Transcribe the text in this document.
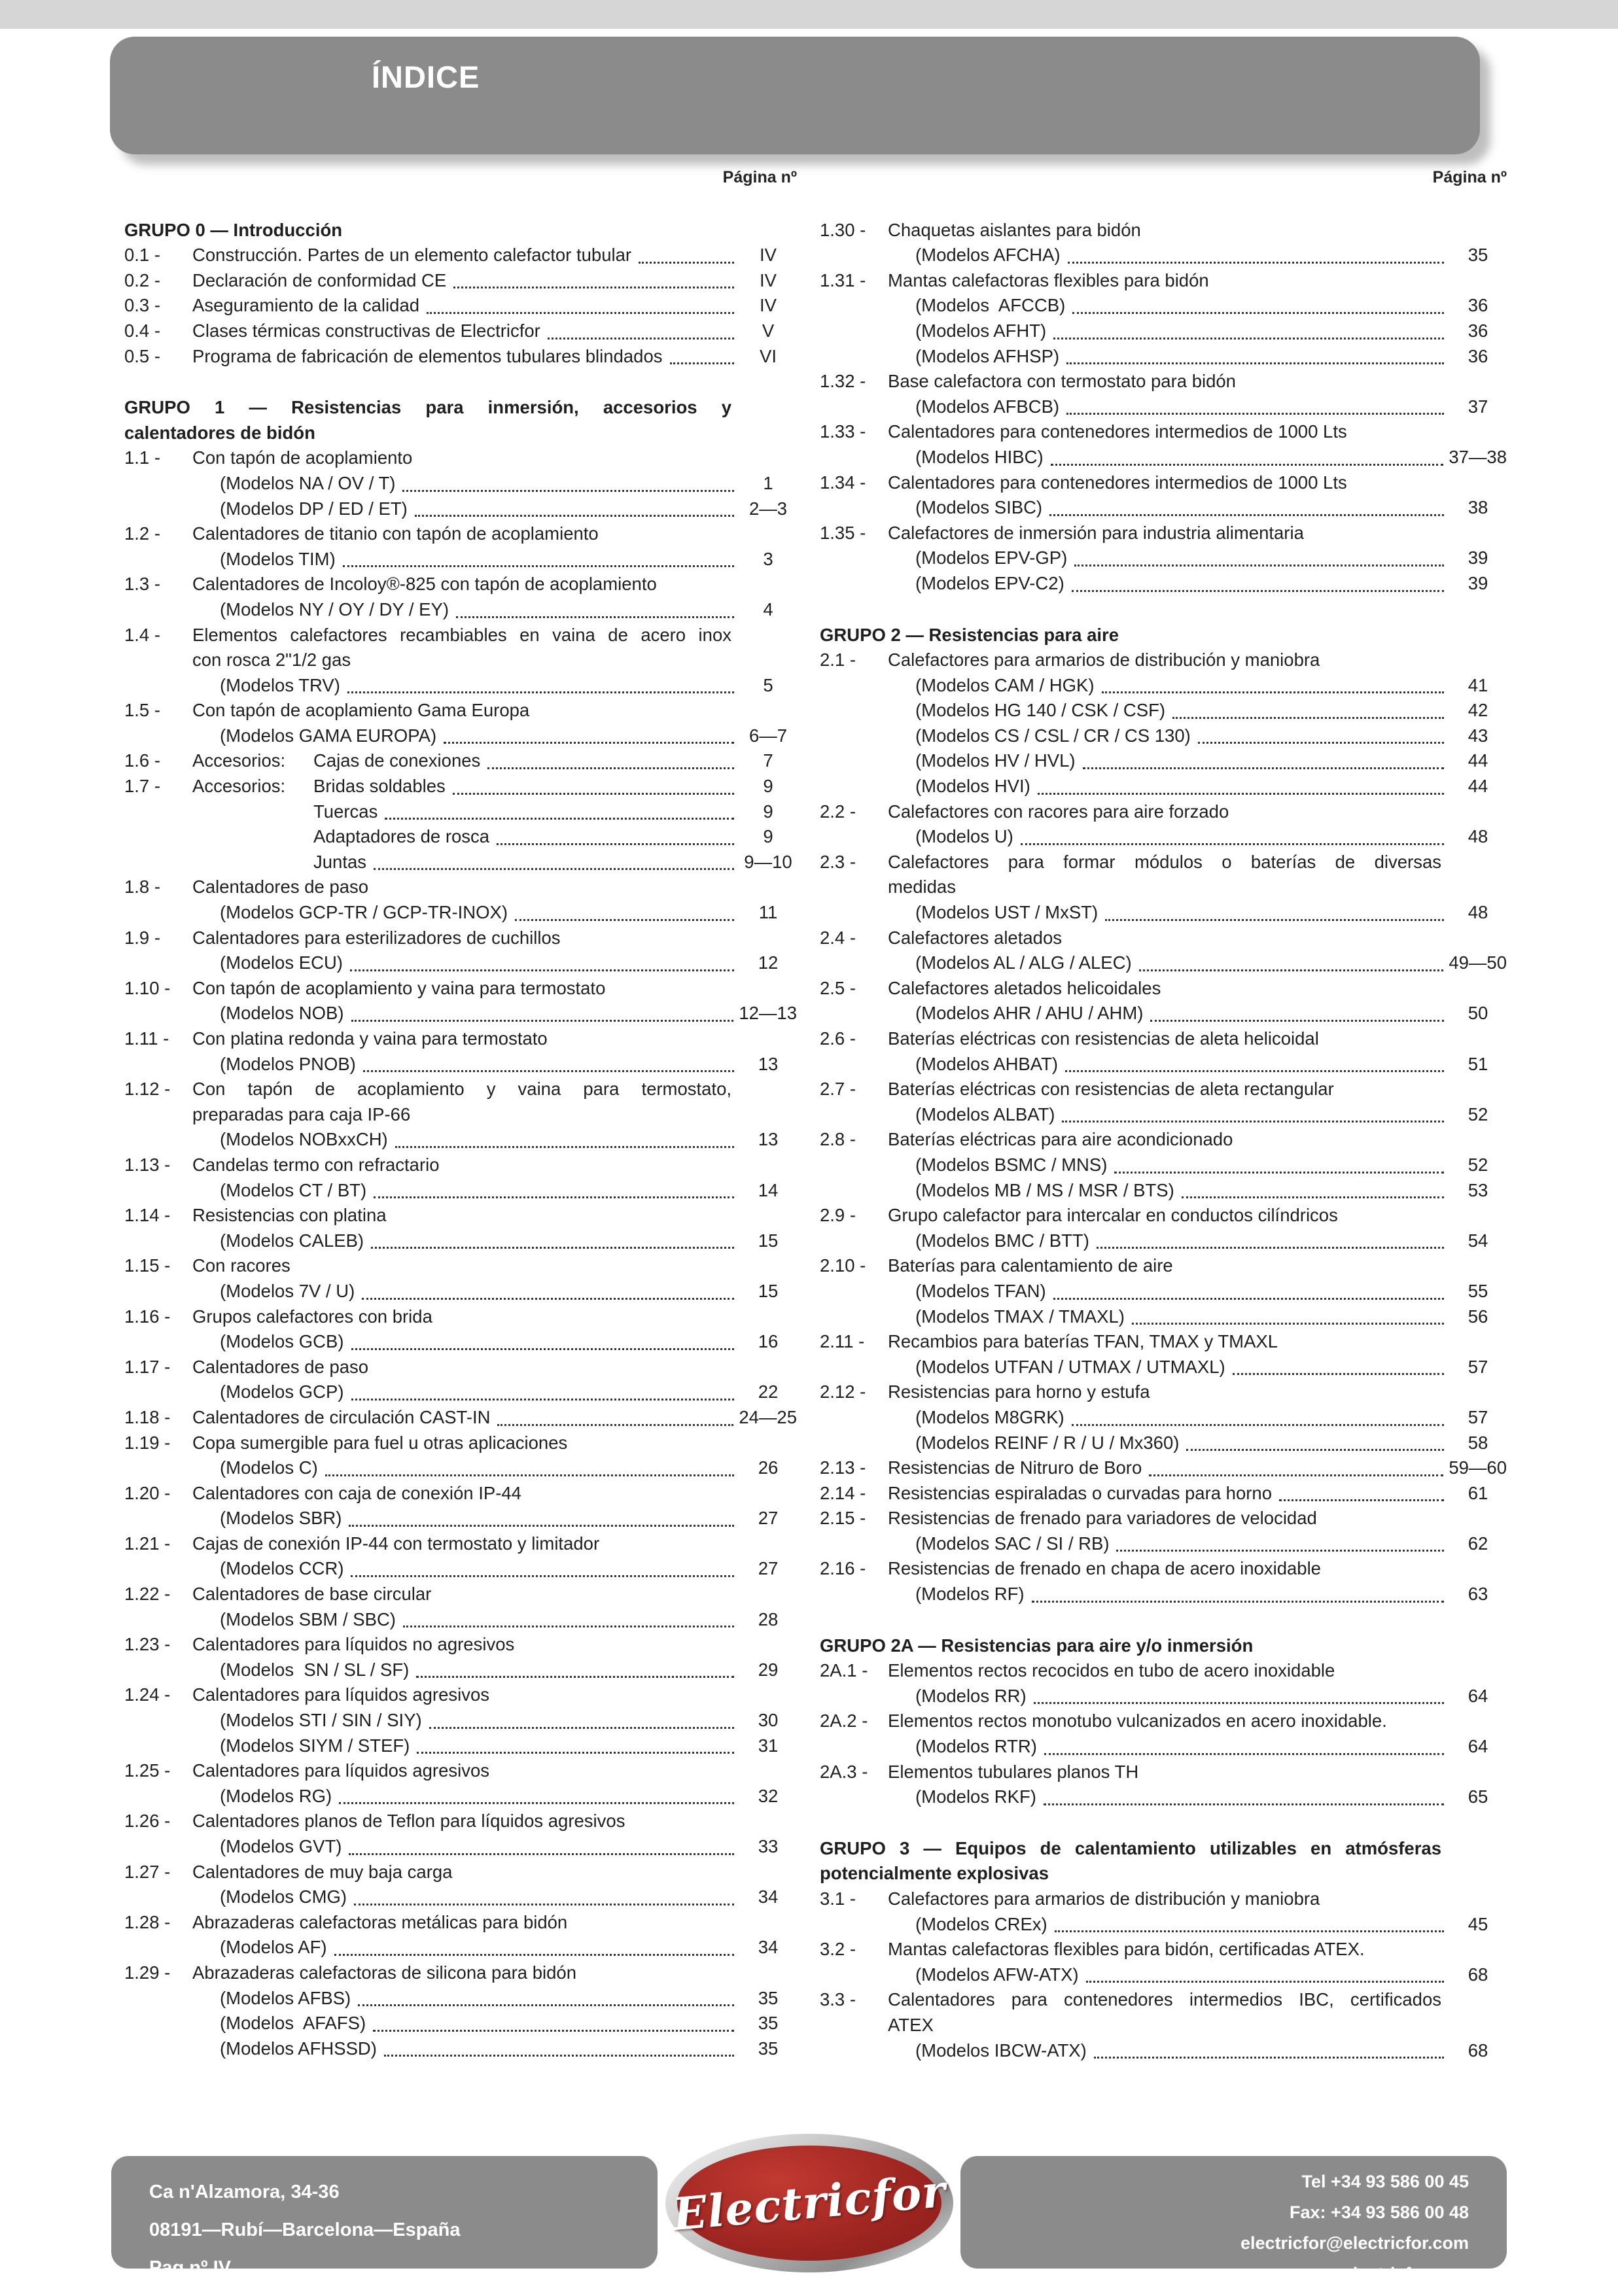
ÍNDICE
Página nº
GRUPO 0 — Introducción
0.1 -	Construcción. Partes de un elemento calefactor tubular	IV
0.2 -	Declaración de conformidad CE	IV
0.3 -	Aseguramiento de la calidad	IV
0.4 -	Clases térmicas constructivas de Electricfor	V
0.5 -	Programa de fabricación de elementos tubulares blindados	VI
GRUPO 1 — Resistencias para inmersión, accesorios y
calentadores de bidón
1.1 -	Con tapón de acoplamiento
(Modelos NA / OV / T)	1
(Modelos DP / ED / ET)	2—3
1.2 -	Calentadores de titanio con tapón de acoplamiento
(Modelos TIM)	3
1.3 -	Calentadores de Incoloy®-825 con tapón de acoplamiento
(Modelos NY / OY / DY / EY)	4
1.4 -	Elementos calefactores recambiables en vaina de acero inox
con rosca 2"1/2 gas
(Modelos TRV)	5
1.5 -	Con tapón de acoplamiento Gama Europa
(Modelos GAMA EUROPA)	6—7
1.6 -	Accesorios:	Cajas de conexiones	7
1.7 -	Accesorios:	Bridas soldables	9
Tuercas	9
Adaptadores de rosca	9
Juntas	9—10
1.8 -	Calentadores de paso
(Modelos GCP-TR / GCP-TR-INOX)	11
1.9 -	Calentadores para esterilizadores de cuchillos
(Modelos ECU)	12
1.10 -	Con tapón de acoplamiento y vaina para termostato
(Modelos NOB)	12—13
1.11 -	Con platina redonda y vaina para termostato
(Modelos PNOB)	13
1.12 -	Con tapón de acoplamiento y vaina para termostato,
preparadas para caja IP-66
(Modelos NOBxxCH)	13
1.13 -	Candelas termo con refractario
(Modelos CT / BT)	14
1.14 -	Resistencias con platina
(Modelos CALEB)	15
1.15 -	Con racores
(Modelos 7V / U)	15
1.16 -	Grupos calefactores con brida
(Modelos GCB)	16
1.17 -	Calentadores de paso
(Modelos GCP)	22
1.18 -	Calentadores de circulación CAST-IN	24—25
1.19 -	Copa sumergible para fuel u otras aplicaciones
(Modelos C)	26
1.20 -	Calentadores con caja de conexión IP-44
(Modelos SBR)	27
1.21 -	Cajas de conexión IP-44 con termostato y limitador
(Modelos CCR)	27
1.22 -	Calentadores de base circular
(Modelos SBM / SBC)	28
1.23 -	Calentadores para líquidos no agresivos
(Modelos  SN / SL / SF)	29
1.24 -	Calentadores para líquidos agresivos
(Modelos STI / SIN / SIY)	30
(Modelos SIYM / STEF)	31
1.25 -	Calentadores para líquidos agresivos
(Modelos RG)	32
1.26 -	Calentadores planos de Teflon para líquidos agresivos
(Modelos GVT)	33
1.27 -	Calentadores de muy baja carga
(Modelos CMG)	34
1.28 -	Abrazaderas calefactoras metálicas para bidón
(Modelos AF)	34
1.29 -	Abrazaderas calefactoras de silicona para bidón
(Modelos AFBS)	35
(Modelos  AFAFS)	35
(Modelos AFHSSD)	35
Página nº
1.30 -	Chaquetas aislantes para bidón
(Modelos AFCHA)	35
1.31 -	Mantas calefactoras flexibles para bidón
(Modelos  AFCCB)	36
(Modelos AFHT)	36
(Modelos AFHSP)	36
1.32 -	Base calefactora con termostato para bidón
(Modelos AFBCB)	37
1.33 -	Calentadores para contenedores intermedios de 1000 Lts
(Modelos HIBC)	37—38
1.34 -	Calentadores para contenedores intermedios de 1000 Lts
(Modelos SIBC)	38
1.35 -	Calefactores de inmersión para industria alimentaria
(Modelos EPV-GP)	39
(Modelos EPV-C2)	39
GRUPO 2 — Resistencias para aire
2.1 -	Calefactores para armarios de distribución y maniobra
(Modelos CAM / HGK)	41
(Modelos HG 140 / CSK / CSF)	42
(Modelos CS / CSL / CR / CS 130)	43
(Modelos HV / HVL)	44
(Modelos HVI)	44
2.2 -	Calefactores con racores para aire forzado
(Modelos U)	48
2.3 -	Calefactores para formar módulos o baterías de diversas
medidas
(Modelos UST / MxST)	48
2.4 -	Calefactores aletados
(Modelos AL / ALG / ALEC)	49—50
2.5 -	Calefactores aletados helicoidales
(Modelos AHR / AHU / AHM)	50
2.6 -	Baterías eléctricas con resistencias de aleta helicoidal
(Modelos AHBAT)	51
2.7 -	Baterías eléctricas con resistencias de aleta rectangular
(Modelos ALBAT)	52
2.8 -	Baterías eléctricas para aire acondicionado
(Modelos BSMC / MNS)	52
(Modelos MB / MS / MSR / BTS)	53
2.9 -	Grupo calefactor para intercalar en conductos cilíndricos
(Modelos BMC / BTT)	54
2.10 -	Baterías para calentamiento de aire
(Modelos TFAN)	55
(Modelos TMAX / TMAXL)	56
2.11 -	Recambios para baterías TFAN, TMAX y TMAXL
(Modelos UTFAN / UTMAX / UTMAXL)	57
2.12 -	Resistencias para horno y estufa
(Modelos M8GRK)	57
(Modelos REINF / R / U / Mx360)	58
2.13 -	Resistencias de Nitruro de Boro	59—60
2.14 -	Resistencias espiraladas o curvadas para horno	61
2.15 -	Resistencias de frenado para variadores de velocidad
(Modelos SAC / SI / RB)	62
2.16 -	Resistencias de frenado en chapa de acero inoxidable
(Modelos RF)	63
GRUPO 2A — Resistencias para aire y/o inmersión
2A.1 -	Elementos rectos recocidos en tubo de acero inoxidable
(Modelos RR)	64
2A.2 -	Elementos rectos monotubo vulcanizados en acero inoxidable.
(Modelos RTR)	64
2A.3 -	Elementos tubulares planos TH
(Modelos RKF)	65
GRUPO 3 — Equipos de calentamiento utilizables en atmósferas
potencialmente explosivas
3.1 -	Calefactores para armarios de distribución y maniobra
(Modelos CREx)	45
3.2 -	Mantas calefactoras flexibles para bidón, certificadas ATEX.
(Modelos AFW-ATX)	68
3.3 -	Calentadores para contenedores intermedios IBC, certificados
ATEX
(Modelos IBCW-ATX)	68
Ca n'Alzamora, 34-36
08191—Rubí—Barcelona—España
Pag nº IV
Electricfor	Tel +34 93 586 00 45
Fax: +34 93 586 00 48
electricfor@electricfor.com
www.electricfor.com
